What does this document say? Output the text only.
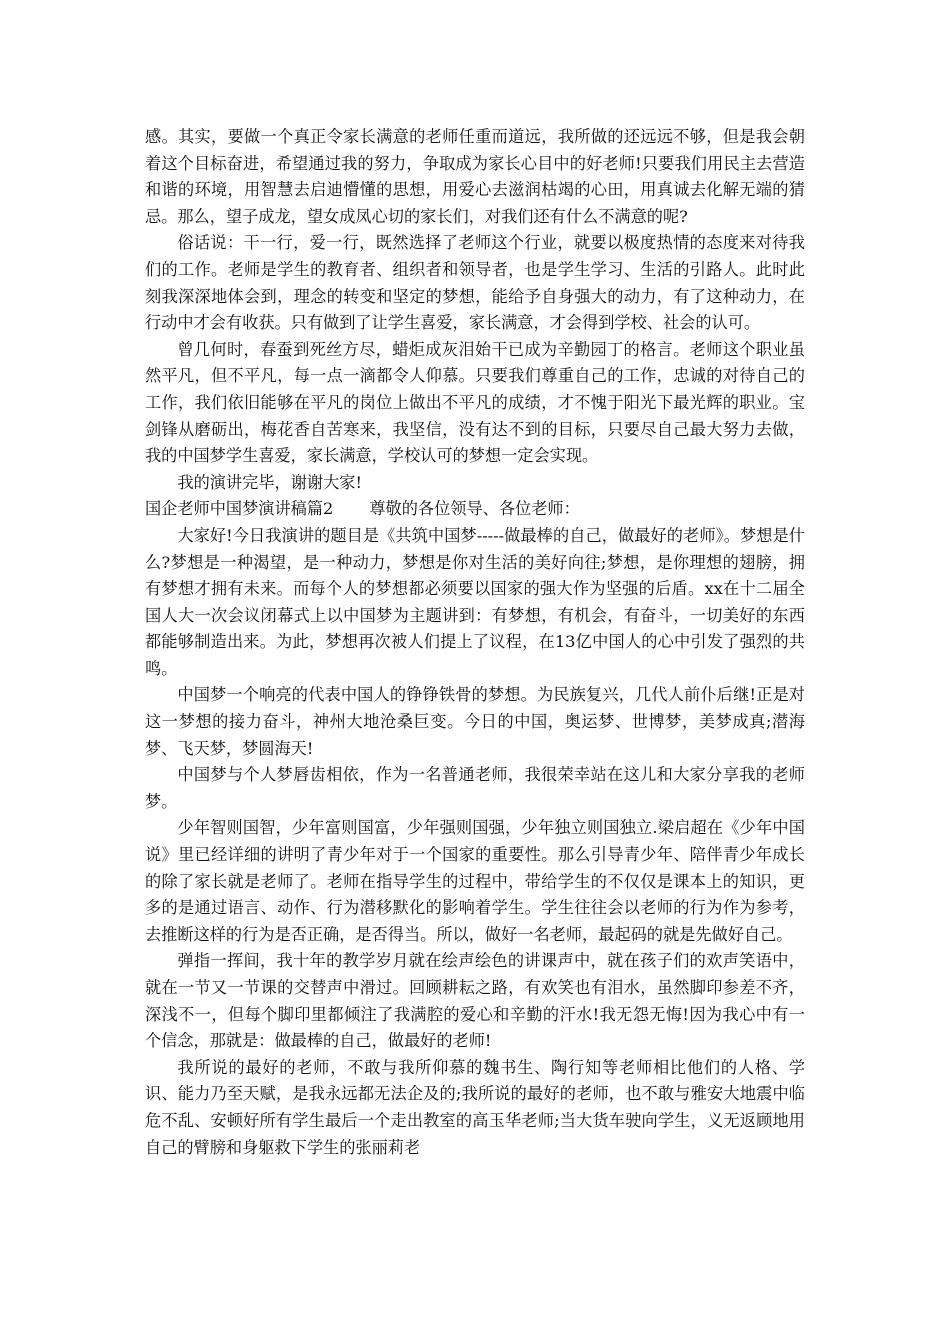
感。其实，要做一个真正令家长满意的老师任重而道远，我所做的还远远不够，但是我会朝着这个目标奋进，希望通过我的努力，争取成为家长心目中的好老师!只要我们用民主去营造和谐的环境，用智慧去启迪懵懂的思想，用爱心去滋润枯竭的心田，用真诚去化解无端的猜忌。那么，望子成龙，望女成凤心切的家长们，对我们还有什么不满意的呢?

俗话说：干一行，爱一行，既然选择了老师这个行业，就要以极度热情的态度来对待我们的工作。老师是学生的教育者、组织者和领导者，也是学生学习、生活的引路人。此时此刻我深深地体会到，理念的转变和坚定的梦想，能给予自身强大的动力，有了这种动力，在行动中才会有收获。只有做到了让学生喜爱，家长满意，才会得到学校、社会的认可。

曾几何时，春蚕到死丝方尽，蜡炬成灰泪始干已成为辛勤园丁的格言。老师这个职业虽然平凡，但不平凡，每一点一滴都令人仰慕。只要我们尊重自己的工作，忠诚的对待自己的工作，我们依旧能够在平凡的岗位上做出不平凡的成绩，才不愧于阳光下最光辉的职业。宝剑锋从磨砺出，梅花香自苦寒来，我坚信，没有达不到的目标，只要尽自己最大努力去做，我的中国梦学生喜爱，家长满意，学校认可的梦想一定会实现。

我的演讲完毕，谢谢大家!

国企老师中国梦演讲稿篇2 尊敬的各位领导、各位老师：

大家好!今日我演讲的题目是《共筑中国梦-----做最棒的自己，做最好的老师》。梦想是什么?梦想是一种渴望，是一种动力，梦想是你对生活的美好向往;梦想，是你理想的翅膀，拥有梦想才拥有未来。而每个人的梦想都必须要以国家的强大作为坚强的后盾。xx在十二届全国人大一次会议闭幕式上以中国梦为主题讲到：有梦想，有机会，有奋斗，一切美好的东西都能够制造出来。为此，梦想再次被人们提上了议程，在13亿中国人的心中引发了强烈的共鸣。

中国梦一个响亮的代表中国人的铮铮铁骨的梦想。为民族复兴，几代人前仆后继!正是对这一梦想的接力奋斗，神州大地沧桑巨变。今日的中国，奥运梦、世博梦，美梦成真;潜海梦、飞天梦，梦圆海天!

中国梦与个人梦唇齿相依，作为一名普通老师，我很荣幸站在这儿和大家分享我的老师梦。

少年智则国智，少年富则国富，少年强则国强，少年独立则国独立.梁启超在《少年中国说》里已经详细的讲明了青少年对于一个国家的重要性。那么引导青少年、陪伴青少年成长的除了家长就是老师了。老师在指导学生的过程中，带给学生的不仅仅是课本上的知识，更多的是通过语言、动作、行为潜移默化的影响着学生。学生往往会以老师的行为作为参考，去推断这样的行为是否正确，是否得当。所以，做好一名老师，最起码的就是先做好自己。

弹指一挥间，我十年的教学岁月就在绘声绘色的讲课声中，就在孩子们的欢声笑语中，就在一节又一节课的交替声中滑过。回顾耕耘之路，有欢笑也有泪水，虽然脚印参差不齐，深浅不一，但每个脚印里都倾注了我满腔的爱心和辛勤的汗水!我无怨无悔!因为我心中有一个信念，那就是：做最棒的自己，做最好的老师!

我所说的最好的老师，不敢与我所仰慕的魏书生、陶行知等老师相比他们的人格、学识、能力乃至天赋，是我永远都无法企及的;我所说的最好的老师，也不敢与雅安大地震中临危不乱、安顿好所有学生最后一个走出教室的高玉华老师;当大货车驶向学生，义无返顾地用自己的臂膀和身躯救下学生的张丽莉老
